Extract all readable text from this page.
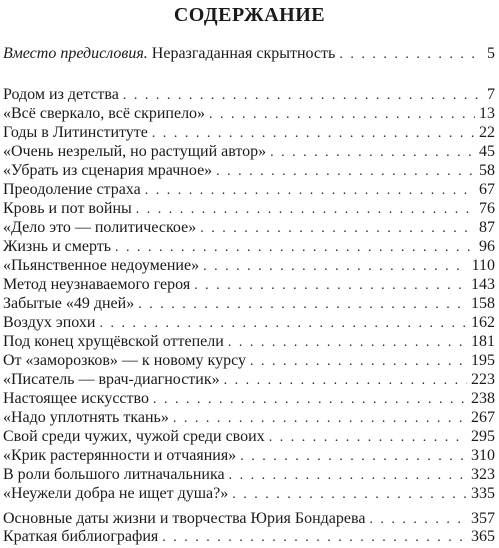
СОДЕРЖАНИЕ
Вместо предисловия. Неразгаданная скрытность . . .	5
Родом из детства . . .	7
«Всё сверкало, всё скрипело» . . .	13
Годы в Литинституте . . .	22
«Очень незрелый, но растущий автор» . . .	45
«Убрать из сценария мрачное» . . .	58
Преодоление страха . . .	67
Кровь и пот войны . . .	76
«Дело это — политическое» . . .	87
Жизнь и смерть . . .	96
«Пьянственное недоумение» . . .	110
Метод неузнаваемого героя . . .	143
Забытые «49 дней» . . .	158
Воздух эпохи . . .	162
Под конец хрущёвской оттепели . . .	181
От «заморозков» — к новому курсу . . .	195
«Писатель — врач-диагностик» . . .	223
Настоящее искусство . . .	238
«Надо уплотнять ткань» . . .	267
Свой среди чужих, чужой среди своих . . .	295
«Крик растерянности и отчаяния» . . .	310
В роли большого литначальника . . .	323
«Неужели добра не ищет душа?» . . .	335
Основные даты жизни и творчества Юрия Бондарева . . .	357
Краткая библиография . . .	365
